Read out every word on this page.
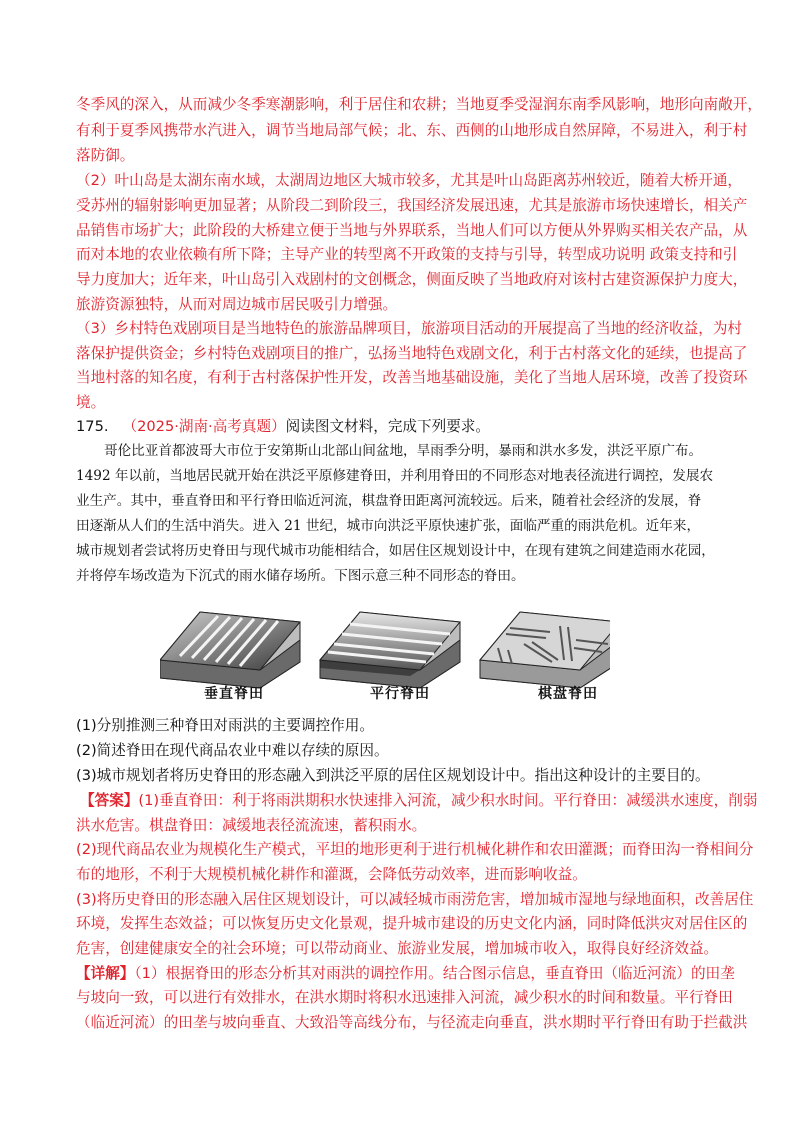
冬季风的深入，从而减少冬季寒潮影响，利于居住和农耕；当地夏季受湿润东南季风影响，地形向南敞开，
有利于夏季风携带水汽进入，调节当地局部气候；北、东、西侧的山地形成自然屏障，不易进入，利于村
落防御。
（2）叶山岛是太湖东南水域，太湖周边地区大城市较多，尤其是叶山岛距离苏州较近，随着大桥开通，
受苏州的辐射影响更加显著；从阶段二到阶段三，我国经济发展迅速，尤其是旅游市场快速增长，相关产
品销售市场扩大；此阶段的大桥建立便于当地与外界联系，当地人们可以方便从外界购买相关农产品，从
而对本地的农业依赖有所下降；主导产业的转型离不开政策的支持与引导，转型成功说明 政策支持和引
导力度加大；近年来，叶山岛引入戏剧村的文创概念，侧面反映了当地政府对该村古建资源保护力度大，
旅游资源独特，从而对周边城市居民吸引力增强。
（3）乡村特色戏剧项目是当地特色的旅游品牌项目，旅游项目活动的开展提高了当地的经济收益，为村
落保护提供资金；乡村特色戏剧项目的推广，弘扬当地特色戏剧文化，利于古村落文化的延续，也提高了
当地村落的知名度，有利于古村落保护性开发，改善当地基础设施，美化了当地人居环境，改善了投资环
境。
175. （2025·湖南·高考真题）阅读图文材料，完成下列要求。
哥伦比亚首都波哥大市位于安第斯山北部山间盆地，旱雨季分明，暴雨和洪水多发，洪泛平原广布。
1492 年以前，当地居民就开始在洪泛平原修建脊田，并利用脊田的不同形态对地表径流进行调控，发展农
业生产。其中，垂直脊田和平行脊田临近河流，棋盘脊田距离河流较远。后来，随着社会经济的发展，脊
田逐渐从人们的生活中消失。进入 21 世纪，城市向洪泛平原快速扩张，面临严重的雨洪危机。近年来，
城市规划者尝试将历史脊田与现代城市功能相结合，如居住区规划设计中，在现有建筑之间建造雨水花园，
并将停车场改造为下沉式的雨水储存场所。下图示意三种不同形态的脊田。
垂直脊田	平行脊田	棋盘脊田
(1)分别推测三种脊田对雨洪的主要调控作用。
(2)简述脊田在现代商品农业中难以存续的原因。
(3)城市规划者将历史脊田的形态融入到洪泛平原的居住区规划设计中。指出这种设计的主要目的。
【答案】(1)垂直脊田：利于将雨洪期积水快速排入河流，减少积水时间。平行脊田：减缓洪水速度，削弱
洪水危害。棋盘脊田：减缓地表径流流速，蓄积雨水。
(2)现代商品农业为规模化生产模式，平坦的地形更利于进行机械化耕作和农田灌溉；而脊田沟一脊相间分
布的地形，不利于大规模机械化耕作和灌溉，会降低劳动效率，进而影响收益。
(3)将历史脊田的形态融入居住区规划设计，可以减轻城市雨涝危害，增加城市湿地与绿地面积，改善居住
环境，发挥生态效益；可以恢复历史文化景观，提升城市建设的历史文化内涵，同时降低洪灾对居住区的
危害，创建健康安全的社会环境；可以带动商业、旅游业发展，增加城市收入，取得良好经济效益。
【详解】（1）根据脊田的形态分析其对雨洪的调控作用。结合图示信息，垂直脊田（临近河流）的田垄
与坡向一致，可以进行有效排水，在洪水期时将积水迅速排入河流，减少积水的时间和数量。平行脊田
（临近河流）的田垄与坡向垂直、大致沿等高线分布，与径流走向垂直，洪水期时平行脊田有助于拦截洪
